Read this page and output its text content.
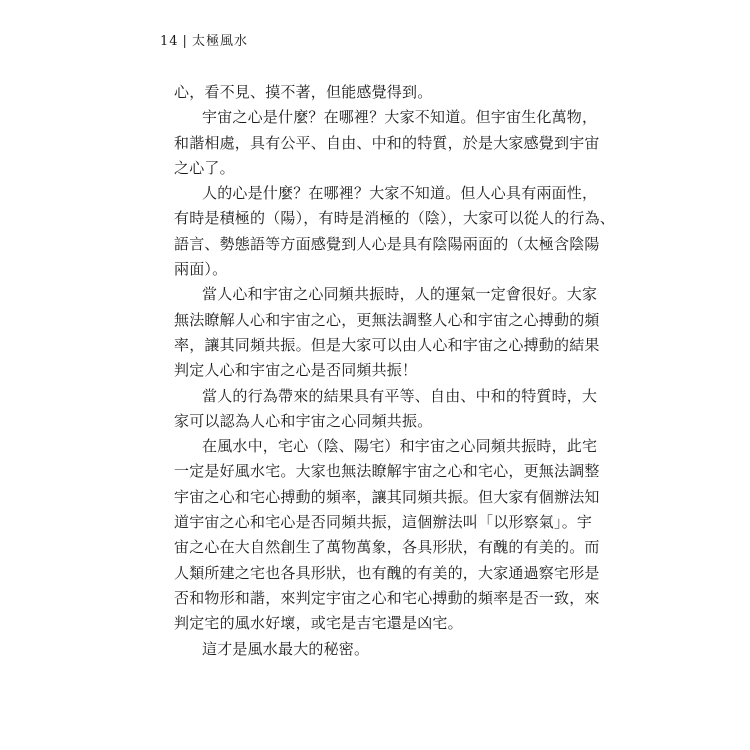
14 | 太極風水

心，看不見、摸不著，但能感覺得到。

宇宙之心是什麼？在哪裡？大家不知道。但宇宙生化萬物，
和諧相處，具有公平、自由、中和的特質，於是大家感覺到宇宙
之心了。

人的心是什麼？在哪裡？大家不知道。但人心具有兩面性，
有時是積極的（陽），有時是消極的（陰），大家可以從人的行為、
語言、勢態語等方面感覺到人心是具有陰陽兩面的（太極含陰陽
兩面）。

當人心和宇宙之心同頻共振時，人的運氣一定會很好。大家
無法瞭解人心和宇宙之心，更無法調整人心和宇宙之心搏動的頻
率，讓其同頻共振。但是大家可以由人心和宇宙之心搏動的結果
判定人心和宇宙之心是否同頻共振！

當人的行為帶來的結果具有平等、自由、中和的特質時，大
家可以認為人心和宇宙之心同頻共振。

在風水中，宅心（陰、陽宅）和宇宙之心同頻共振時，此宅
一定是好風水宅。大家也無法瞭解宇宙之心和宅心，更無法調整
宇宙之心和宅心搏動的頻率，讓其同頻共振。但大家有個辦法知
道宇宙之心和宅心是否同頻共振，這個辦法叫「以形察氣」。宇
宙之心在大自然創生了萬物萬象，各具形狀，有醜的有美的。而
人類所建之宅也各具形狀，也有醜的有美的，大家通過察宅形是
否和物形和諧，來判定宇宙之心和宅心搏動的頻率是否一致，來
判定宅的風水好壞，或宅是吉宅還是凶宅。

這才是風水最大的秘密。
